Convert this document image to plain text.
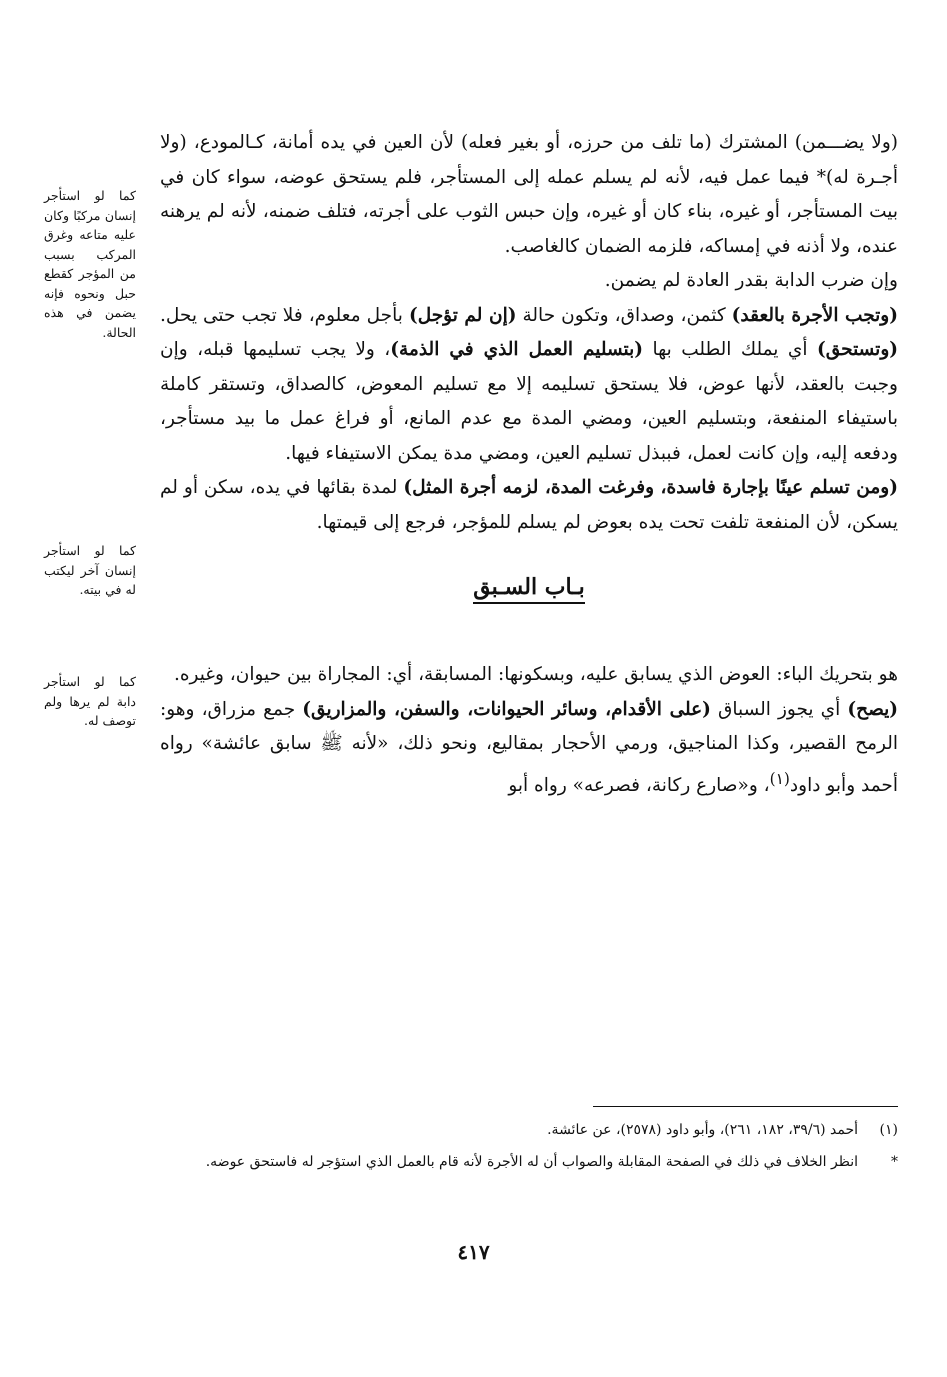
(ولا يضـــمن) المشترك (ما تلف من حرزه، أو بغير فعله) لأن العين في يده أمانة، كـالمودع، (ولا أجـرة له)* فيما عمل فيه، لأنه لم يسلم عمله إلى المستأجر، فلم يستحق عوضه، سواء كان في بيت المستأجر، أو غيره، بناء كان أو غيره، وإن حبس الثوب على أجرته، فتلف ضمنه، لأنه لم يرهنه عنده، ولا أذنه في إمساكه، فلزمه الضمان كالغاصب.

وإن ضرب الدابة بقدر العادة لم يضمن.

(وتجب الأجرة بالعقد) كثمن، وصداق، وتكون حالة (إن لم تؤجل) بأجل معلوم، فلا تجب حتى يحل. (وتستحق) أي يملك الطلب بها (بتسليم العمل الذي في الذمة)، ولا يجب تسليمها قبله، وإن وجبت بالعقد، لأنها عوض، فلا يستحق تسليمه إلا مع تسليم المعوض، كالصداق، وتستقر كاملة باستيفاء المنفعة، وبتسليم العين، ومضي المدة مع عدم المانع، أو فراغ عمل ما بيد مستأجر، ودفعه إليه، وإن كانت لعمل، فببذل تسليم العين، ومضي مدة يمكن الاستيفاء فيها.

(ومن تسلم عينًا بإجارة فاسدة، وفرغت المدة، لزمه أجرة المثل) لمدة بقائها في يده، سكن أو لم يسكن، لأن المنفعة تلفت تحت يده بعوض لم يسلم للمؤجر، فرجع إلى قيمتها.

بـاب السـبق

هو بتحريك الباء: العوض الذي يسابق عليه، وبسكونها: المسابقة، أي: المجاراة بين حيوان، وغيره.

(يصح) أي يجوز السباق (على الأقدام، وسائر الحيوانات، والسفن، والمزاريق) جمع مزراق، وهو: الرمح القصير، وكذا المناجيق، ورمي الأحجار بمقاليع، ونحو ذلك، «لأنه ﷺ سابق عائشة» رواه أحمد وأبو داود$^{(١)}$، و«صارع ركانة، فصرعه» رواه أبو

كما لو استأجر إنسان مركبًا وكان عليه متاعه وغرق المركب بسبب من المؤجر كقطع حبل ونحوه فإنه يضمن في هذه الحالة.
كما لو استأجر إنسان آخر ليكتب له في بيته.
كما لو استأجر دابة لم يرها ولم توصف له.
(١)
أحمد (٣٩/٦، ١٨٢، ٢٦١)، وأبو داود (٢٥٧٨)، عن عائشة.
*
انظر الخلاف في ذلك في الصفحة المقابلة والصواب أن له الأجرة لأنه قام بالعمل الذي استؤجر له فاستحق عوضه.
٤١٧
